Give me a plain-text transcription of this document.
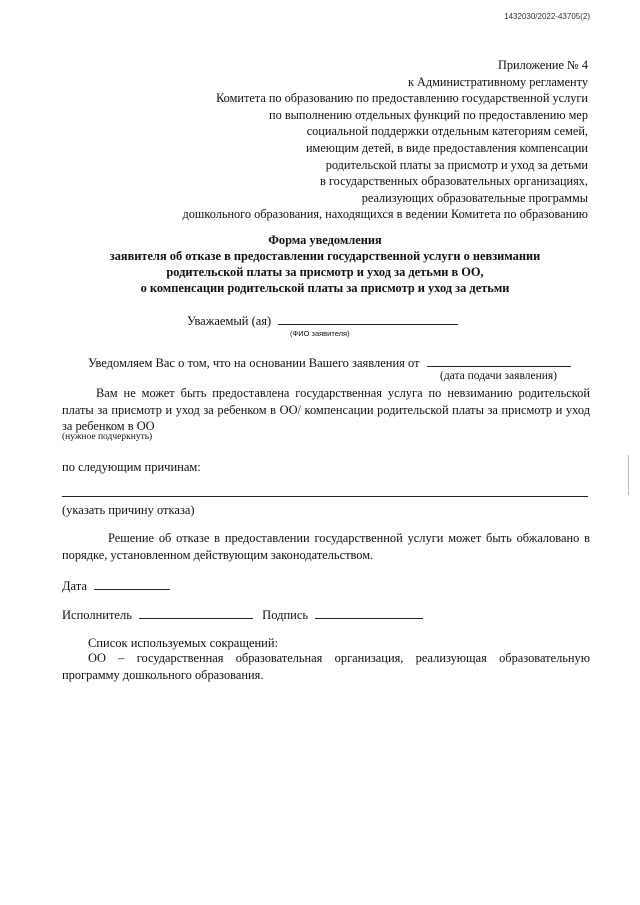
1432030/2022-43705(2)
Приложение № 4
к Административному регламенту
Комитета по образованию по предоставлению государственной услуги
по выполнению отдельных функций по предоставлению мер
социальной поддержки отдельным категориям семей,
имеющим детей, в виде предоставления компенсации
родительской платы за присмотр и уход за детьми
в государственных образовательных организациях,
реализующих образовательные программы
дошкольного образования, находящихся в ведении Комитета по образованию
Форма уведомления
заявителя об отказе в предоставлении государственной услуги о невзимании
родительской платы за присмотр и уход за детьми в ОО,
о компенсации родительской платы за присмотр и уход за детьми
Уважаемый (ая)
(ФИО заявителя)
Уведомляем Вас о том, что на основании Вашего заявления от
(дата подачи заявления)
Вам не может быть предоставлена государственная услуга по невзиманию родительской платы за присмотр и уход за ребенком в ОО/ компенсации родительской платы за присмотр и уход за ребенком в ОО
(нужное подчеркнуть)
по следующим причинам:
(указать причину отказа)
Решение об отказе в предоставлении государственной услуги может быть обжаловано в порядке, установленном действующим законодательством.
Дата
Исполнитель	Подпись
Список используемых сокращений:
ОО – государственная образовательная организация, реализующая образовательную программу дошкольного образования.
